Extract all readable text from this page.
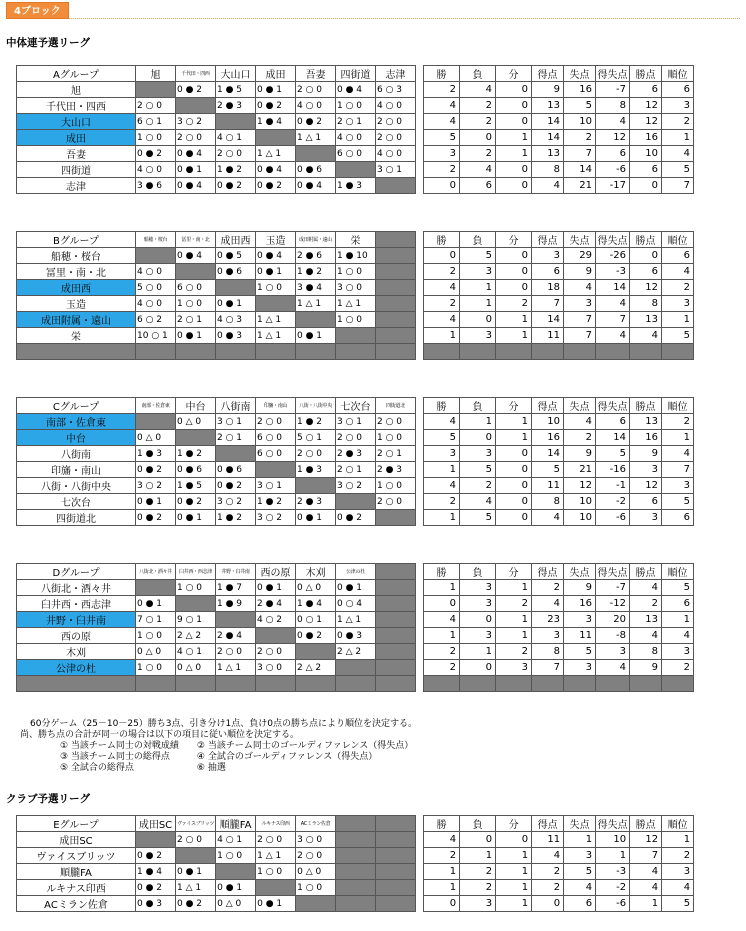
4ブロック
中体連予選リーグ
クラブ予選リーグ
Aグループ	旭	千代田・四西	大山口	成田	吾妻	四街道	志津		勝	負	分	得点	失点	得失点	勝点	順位
旭		0 ● 2	1 ● 5	0 ● 1	2 ○ 0	0 ● 4	6 ○ 3		2	4	0	9	16	-7	6	6
千代田・四西	2 ○ 0		2 ● 3	0 ● 2	4 ○ 0	1 ○ 0	4 ○ 0		4	2	0	13	5	8	12	3
大山口	6 ○ 1	3 ○ 2		1 ● 4	0 ● 2	2 ○ 1	2 ○ 0		4	2	0	14	10	4	12	2
成田	1 ○ 0	2 ○ 0	4 ○ 1		1 △ 1	4 ○ 0	2 ○ 0		5	0	1	14	2	12	16	1
吾妻	0 ● 2	0 ● 4	2 ○ 0	1 △ 1		6 ○ 0	4 ○ 0		3	2	1	13	7	6	10	4
四街道	4 ○ 0	0 ● 1	1 ● 2	0 ● 4	0 ● 6		3 ○ 1		2	4	0	8	14	-6	6	5
志津	3 ● 6	0 ● 4	0 ● 2	0 ● 2	0 ● 4	1 ● 3			0	6	0	4	21	-17	0	7
Bグループ	船穂・桜台	冨里・南・北	成田西	玉造	成田附属・遠山	栄			勝	負	分	得点	失点	得失点	勝点	順位
船穂・桜台		0 ● 4	0 ● 5	0 ● 4	2 ● 6	1 ● 10			0	5	0	3	29	-26	0	6
冨里・南・北	4 ○ 0		0 ● 6	0 ● 1	1 ● 2	1 ○ 0			2	3	0	6	9	-3	6	4
成田西	5 ○ 0	6 ○ 0		1 ○ 0	3 ● 4	3 ○ 0			4	1	0	18	4	14	12	2
玉造	4 ○ 0	1 ○ 0	0 ● 1		1 △ 1	1 △ 1			2	1	2	7	3	4	8	3
成田附属・遠山	6 ○ 2	2 ○ 1	4 ○ 3	1 △ 1		1 ○ 0			4	0	1	14	7	7	13	1
栄	10 ○ 1	0 ● 1	0 ● 3	1 △ 1	0 ● 1				1	3	1	11	7	4	4	5

Cグループ	南部・佐倉東	中台	八街南	印旛・南山	八街・八街中央	七次台	四街道北		勝	負	分	得点	失点	得失点	勝点	順位
南部・佐倉東		0 △ 0	3 ○ 1	2 ○ 0	1 ● 2	3 ○ 1	2 ○ 0		4	1	1	10	4	6	13	2
中台	0 △ 0		2 ○ 1	6 ○ 0	5 ○ 1	2 ○ 0	1 ○ 0		5	0	1	16	2	14	16	1
八街南	1 ● 3	1 ● 2		6 ○ 0	2 ○ 0	2 ● 3	2 ○ 1		3	3	0	14	9	5	9	4
印旛・南山	0 ● 2	0 ● 6	0 ● 6		1 ● 3	2 ○ 1	2 ● 3		1	5	0	5	21	-16	3	7
八街・八街中央	3 ○ 2	1 ● 5	0 ● 2	3 ○ 1		3 ○ 2	1 ○ 0		4	2	0	11	12	-1	12	3
七次台	0 ● 1	0 ● 2	3 ○ 2	1 ● 2	2 ● 3		2 ○ 0		2	4	0	8	10	-2	6	5
四街道北	0 ● 2	0 ● 1	1 ● 2	3 ○ 2	0 ● 1	0 ● 2			1	5	0	4	10	-6	3	6
Dグループ	八街北・酒々井	臼井西・西志津	井野・臼井南	西の原	木刈	公津の杜			勝	負	分	得点	失点	得失点	勝点	順位
八街北・酒々井		1 ○ 0	1 ● 7	0 ● 1	0 △ 0	0 ● 1			1	3	1	2	9	-7	4	5
臼井西・西志津	0 ● 1		1 ● 9	2 ● 4	1 ● 4	0 ○ 4			0	3	2	4	16	-12	2	6
井野・臼井南	7 ○ 1	9 ○ 1		4 ○ 2	0 ○ 1	1 △ 1			4	0	1	23	3	20	13	1
西の原	1 ○ 0	2 △ 2	2 ● 4		0 ● 2	0 ● 3			1	3	1	3	11	-8	4	4
木刈	0 △ 0	4 ○ 1	2 ○ 0	2 ○ 0		2 △ 2			2	1	2	8	5	3	8	3
公津の杜	1 ○ 0	0 △ 0	1 △ 1	3 ○ 0	2 △ 2				2	0	3	7	3	4	9	2

Eグループ	成田SC	ヴァイスブリッツ	順朧FA	ルキナス印西	ACミラン佐倉				勝	負	分	得点	失点	得失点	勝点	順位
成田SC		2 ○ 0	4 ○ 1	2 ○ 0	3 ○ 0				4	0	0	11	1	10	12	1
ヴァイスブリッツ	0 ● 2		1 ○ 0	1 △ 1	2 ○ 0				2	1	1	4	3	1	7	2
順朧FA	1 ● 4	0 ● 1		1 ○ 0	0 △ 0				1	2	1	2	5	-3	4	3
ルキナス印西	0 ● 2	1 △ 1	0 ● 1		1 ○ 0				1	2	1	2	4	-2	4	4
ACミラン佐倉	0 ● 3	0 ● 2	0 △ 0	0 ● 1					0	3	1	0	6	-6	1	5
60分ゲーム（25－10－25）勝ち3点、引き分け1点、負け0点の勝ち点により順位を決定する。
尚、勝ち点の合計が同一の場合は以下の項目に従い順位を決定する。
① 当該チーム同士の対戦成績　　② 当該チーム同士のゴールディファレンス（得失点）
③ 当該チーム同士の総得点　　　④ 全試合のゴールディファレンス（得失点）
⑤ 全試合の総得点　　　　　　　⑥ 抽選
